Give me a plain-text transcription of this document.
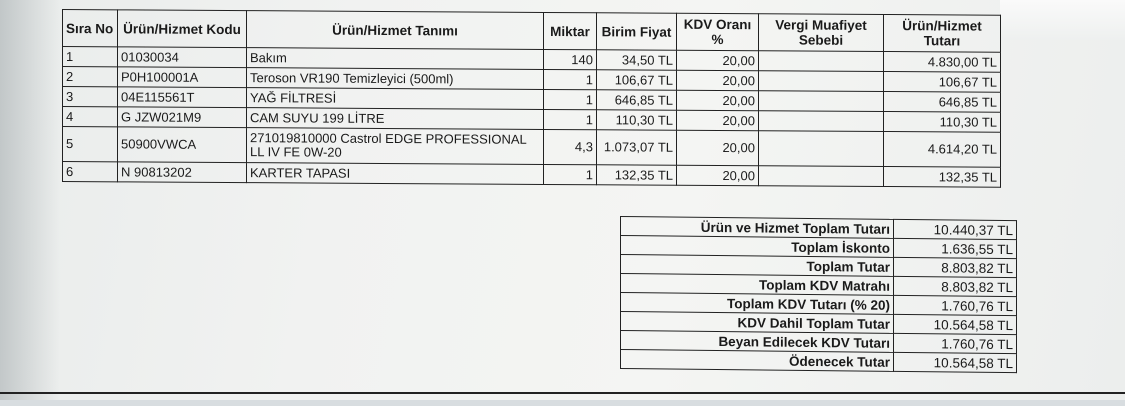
Sıra No	Ürün/Hizmet Kodu	Ürün/Hizmet Tanımı	Miktar	Birim Fiyat	KDV Oranı %	Vergi Muafiyet Sebebi	Ürün/Hizmet Tutarı
1	01030034	Bakım	140	34,50 TL	20,00		4.830,00 TL
2	P0H100001A	Teroson VR190 Temizleyici (500ml)	1	106,67 TL	20,00		106,67 TL
3	04E115561T	YAĞ FİLTRESİ	1	646,85 TL	20,00		646,85 TL
4	G JZW021M9	CAM SUYU 199 LİTRE	1	110,30 TL	20,00		110,30 TL
5	50900VWCA	271019810000 Castrol EDGE PROFESSIONAL LL IV FE 0W-20	4,3	1.073,07 TL	20,00		4.614,20 TL
6	N 90813202	KARTER TAPASI	1	132,35 TL	20,00		132,35 TL
Ürün ve Hizmet Toplam Tutarı	10.440,37 TL
Toplam İskonto	1.636,55 TL
Toplam Tutar	8.803,82 TL
Toplam KDV Matrahı	8.803,82 TL
Toplam KDV Tutarı (% 20)	1.760,76 TL
KDV Dahil Toplam Tutar	10.564,58 TL
Beyan Edilecek KDV Tutarı	1.760,76 TL
Ödenecek Tutar	10.564,58 TL
